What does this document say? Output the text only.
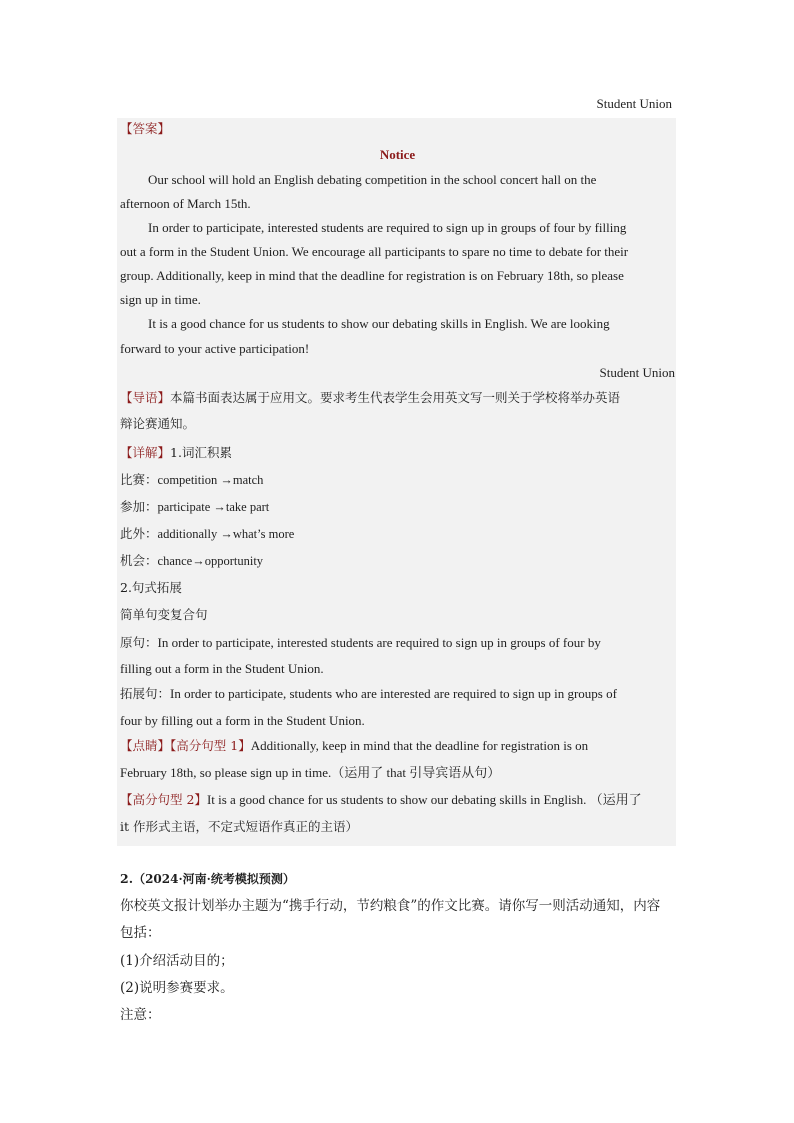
Student Union
【答案】
Notice
Our school will hold an English debating competition in the school concert hall on the
afternoon of March 15th.
In order to participate, interested students are required to sign up in groups of four by filling
out a form in the Student Union. We encourage all participants to spare no time to debate for their
group. Additionally, keep in mind that the deadline for registration is on February 18th, so please
sign up in time.
It is a good chance for us students to show our debating skills in English. We are looking
forward to your active participation!
Student Union
【导语】本篇书面表达属于应用文。要求考生代表学生会用英文写一则关于学校将举办英语
辩论赛通知。
【详解】1.词汇积累
比赛：competition →match
参加：participate →take part
此外：additionally →what’s more
机会：chance→opportunity
2.句式拓展
简单句变复合句
原句：In order to participate, interested students are required to sign up in groups of four by
filling out a form in the Student Union.
拓展句：In order to participate, students who are interested are required to sign up in groups of
four by filling out a form in the Student Union.
【点睛】【高分句型 1】Additionally, keep in mind that the deadline for registration is on
February 18th, so please sign up in time.（运用了 that 引导宾语从句）
【高分句型 2】It is a good chance for us students to show our debating skills in English. （运用了
it 作形式主语，不定式短语作真正的主语）
2.（2024·河南·统考模拟预测）
你校英文报计划举办主题为“携手行动，节约粮食”的作文比赛。请你写一则活动通知，内容
包括：
(1)介绍活动目的；
(2)说明参赛要求。
注意：
